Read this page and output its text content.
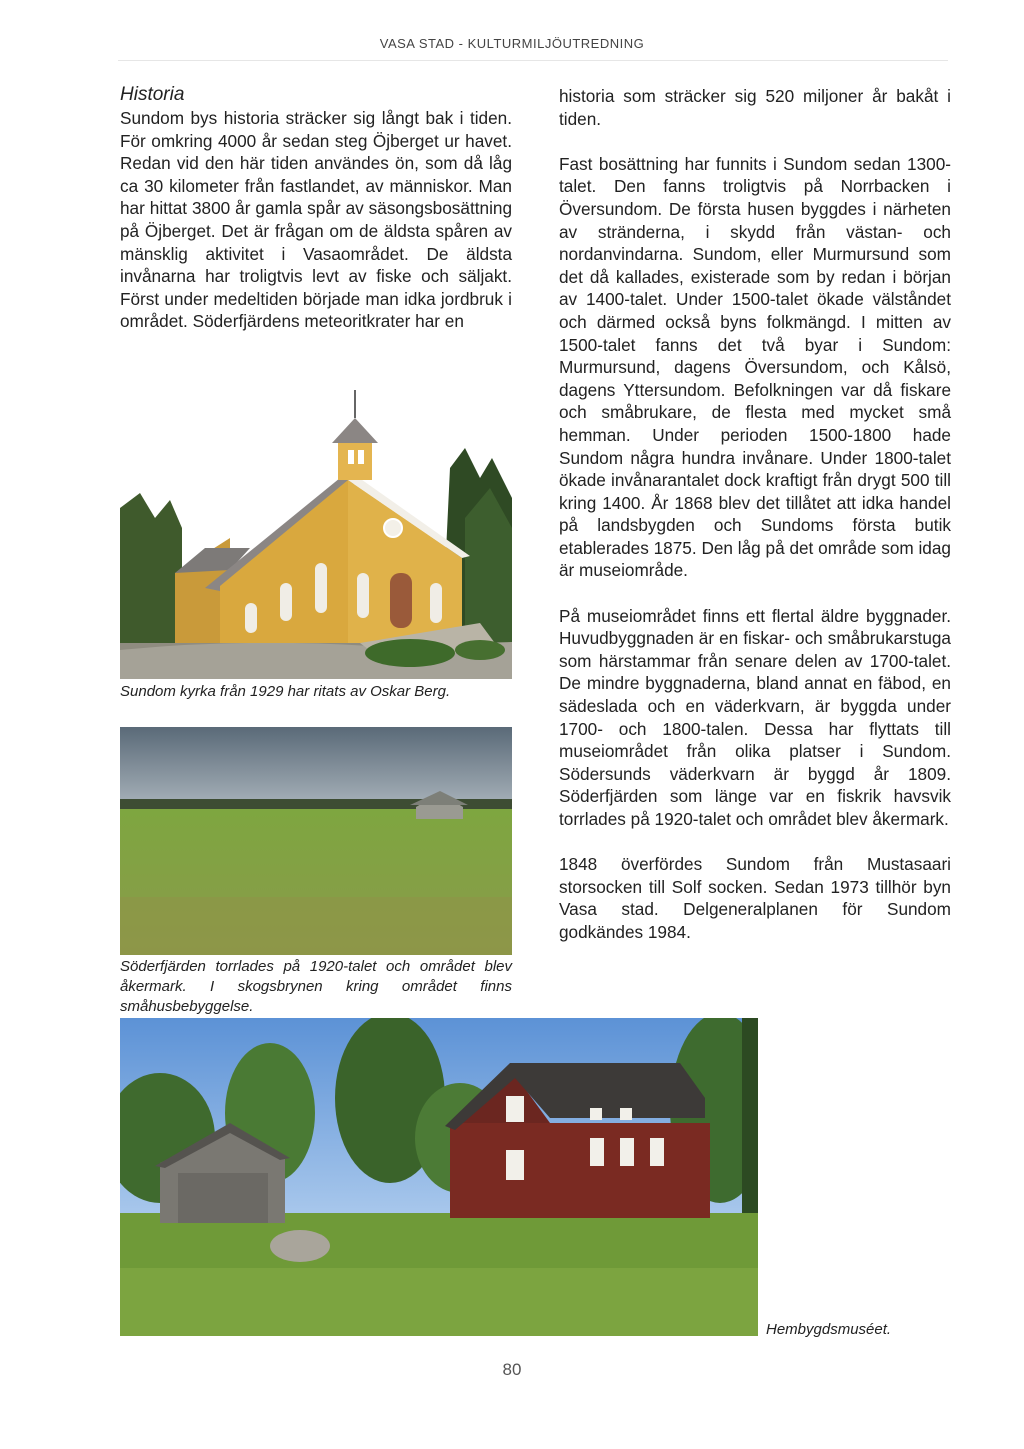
VASA STAD - KULTURMILJÖUTREDNING
Historia

Sundom bys historia sträcker sig långt bak i tiden. För omkring 4000 år sedan steg Öjberget ur havet. Redan vid den här tiden användes ön, som då låg ca 30 kilometer från fastlandet, av människor. Man har hittat 3800 år gamla spår av säsongsbosättning på Öjberget. Det är frågan om de äldsta spåren av mänsklig aktivitet i Vasaområdet. De äldsta invånarna har troligtvis levt av fiske och säljakt. Först under medeltiden började man idka jordbruk i området. Söderfjärdens meteoritkrater har en

historia som sträcker sig 520 miljoner år bakåt i tiden.

Fast bosättning har funnits i Sundom sedan 1300-talet. Den fanns troligtvis på Norrbacken i Översundom. De första husen byggdes i närheten av stränderna, i skydd från västan- och nordanvindarna. Sundom, eller Murmursund som det då kallades, existerade som by redan i början av 1400-talet. Under 1500-talet ökade välståndet och därmed också byns folkmängd. I mitten av 1500-talet fanns det två byar i Sundom: Murmursund, dagens Översundom, och Kålsö, dagens Yttersundom. Befolkningen var då fiskare och småbrukare, de flesta med mycket små hemman. Under perioden 1500-1800 hade Sundom några hundra invånare. Under 1800-talet ökade invånarantalet dock kraftigt från drygt 500 till kring 1400. År 1868 blev det tillåtet att idka handel på landsbygden och Sundoms första butik etablerades 1875. Den låg på det område som idag är museiområde.

På museiområdet finns ett flertal äldre byggnader. Huvudbyggnaden är en fiskar- och småbrukarstuga som härstammar från senare delen av 1700-talet. De mindre byggnaderna, bland annat en fäbod, en sädeslada och en väderkvarn, är byggda under 1700- och 1800-talen. Dessa har flyttats till museiområdet från olika platser i Sundom. Södersunds väderkvarn är byggd år 1809. Söderfjärden som länge var en fiskrik havsvik torrlades på 1920-talet och området blev åkermark.

1848 överfördes Sundom från Mustasaari storsocken till Solf socken. Sedan 1973 tillhör byn Vasa stad. Delgeneralplanen för Sundom godkändes 1984.

Sundom kyrka från 1929 har ritats av Oskar Berg.
Söderfjärden torrlades på 1920-talet och området blev åkermark. I skogsbrynen kring området finns småhusbebyggelse.
Hembygdsmuséet.
80
